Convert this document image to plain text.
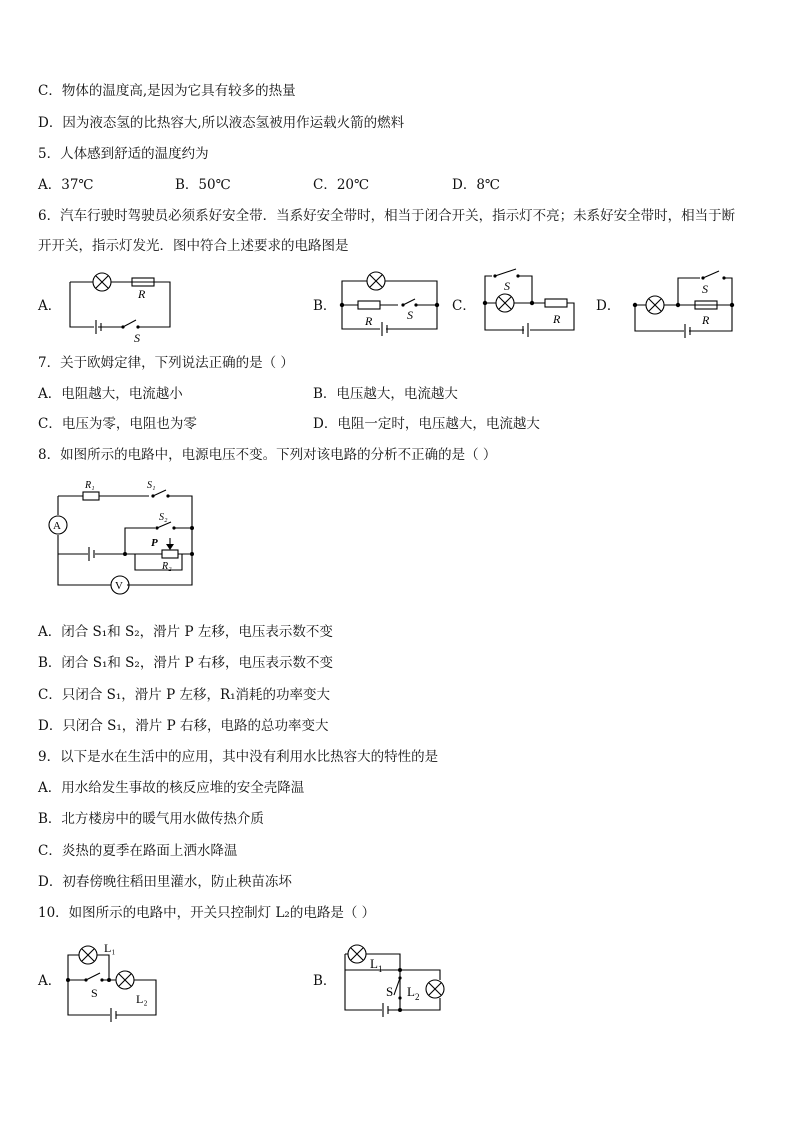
C．物体的温度高,是因为它具有较多的热量
D．因为液态氢的比热容大,所以液态氢被用作运载火箭的燃料
5．人体感到舒适的温度约为
A．37℃	B．50℃	C．20℃	D．8℃
6．汽车行驶时驾驶员必须系好安全带．当系好安全带时，相当于闭合开关，指示灯不亮；未系好安全带时，相当于断
开开关，指示灯发光．图中符合上述要求的电路图是
A．
R
S
B．
R	S
C．
S
R
D．
S
R
7．关于欧姆定律，下列说法正确的是（ ）
A．电阻越大，电流越小	B．电压越大，电流越大
C．电压为零，电阻也为零	D．电阻一定时，电压越大，电流越大
8．如图所示的电路中，电源电压不变。下列对该电路的分析不正确的是（ ）
A
V
R₁	S₁
S₂
P
R₂
A．闭合 S₁和 S₂，滑片 P 左移，电压表示数不变
B．闭合 S₁和 S₂，滑片 P 右移，电压表示数不变
C．只闭合 S₁，滑片 P 左移，R₁消耗的功率变大
D．只闭合 S₁，滑片 P 右移，电路的总功率变大
9．以下是水在生活中的应用，其中没有利用水比热容大的特性的是
A．用水给发生事故的核反应堆的安全壳降温
B．北方楼房中的暖气用水做传热介质
C．炎热的夏季在路面上洒水降温
D．初春傍晚往稻田里灌水，防止秧苗冻坏
10．如图所示的电路中，开关只控制灯 L₂的电路是（ ）
A．
L₁
S	L₂
B．
$L_1$
S $L_2$
